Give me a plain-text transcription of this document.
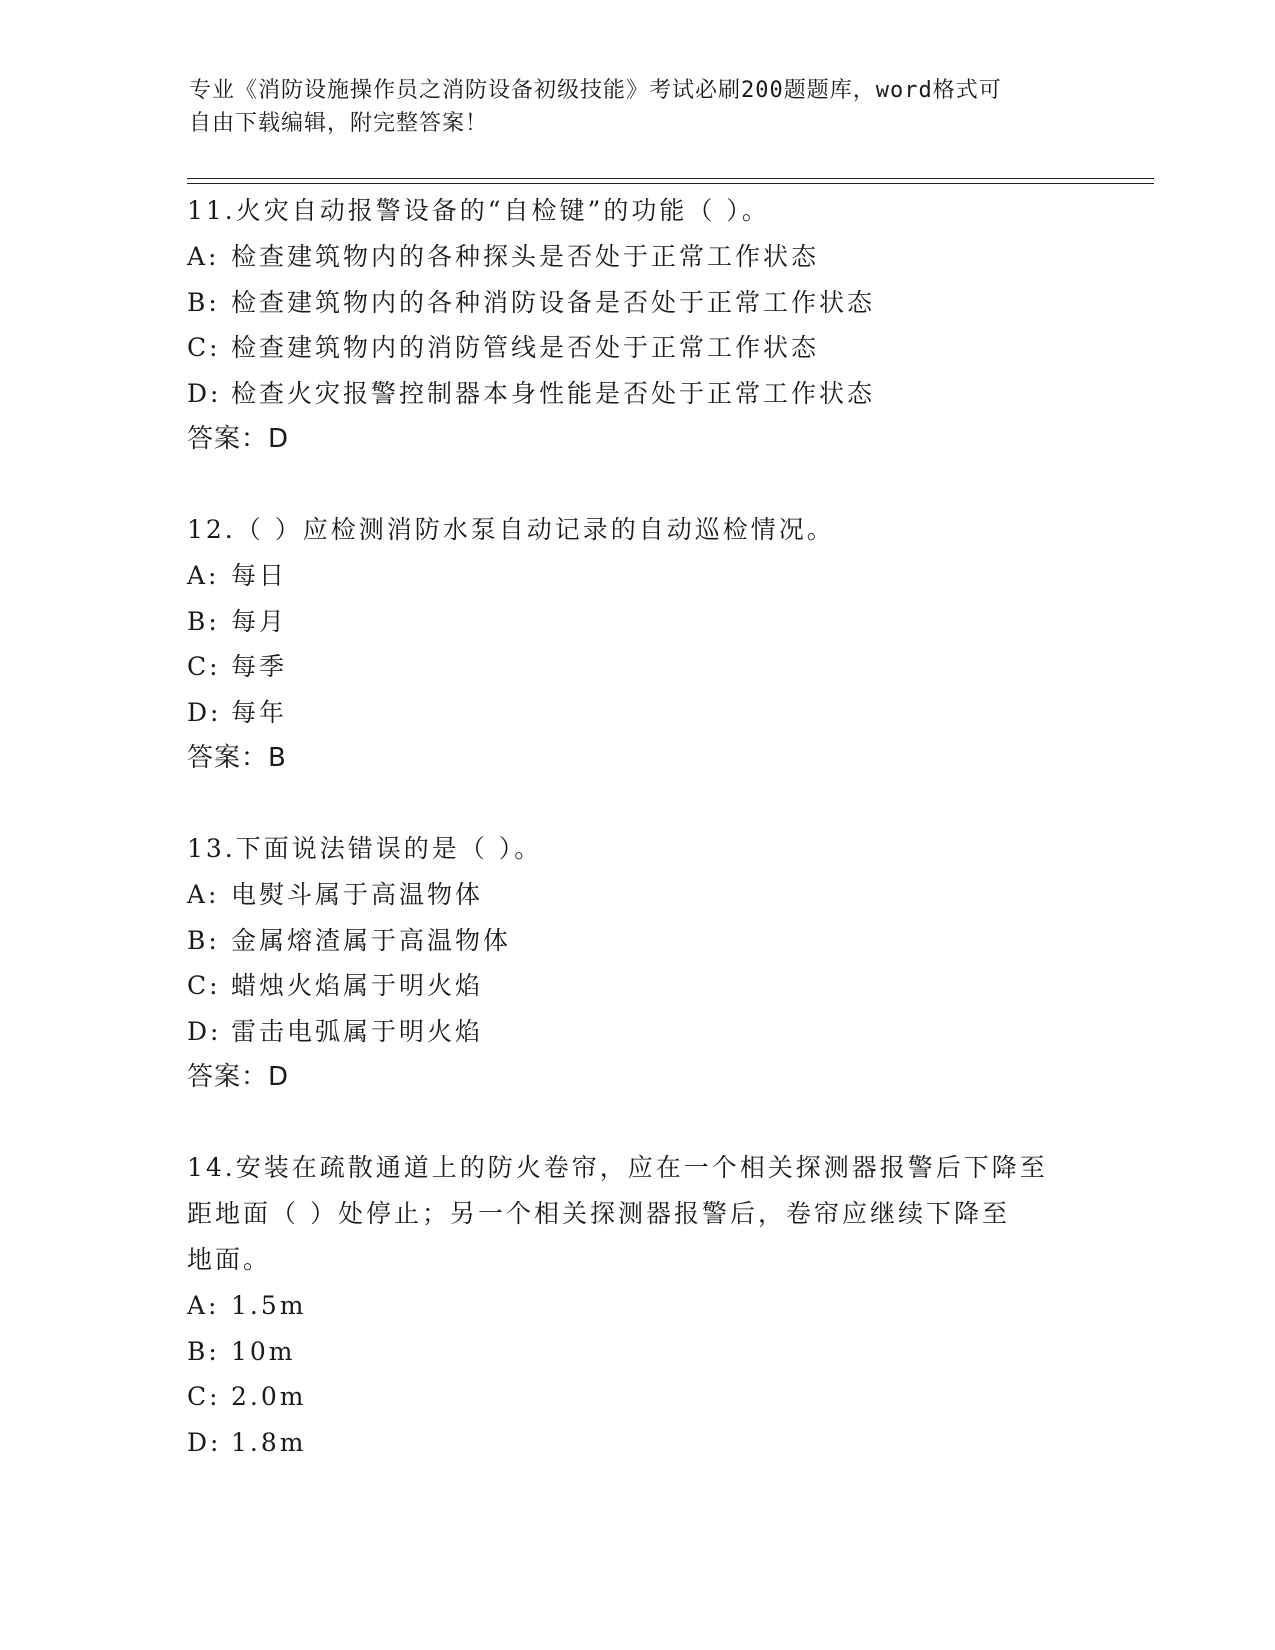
专业《消防设施操作员之消防设备初级技能》考试必刷200题题库，word格式可
自由下载编辑，附完整答案！
11.火灾自动报警设备的“自检键”的功能（ ）。
A: 检查建筑物内的各种探头是否处于正常工作状态
B: 检查建筑物内的各种消防设备是否处于正常工作状态
C: 检查建筑物内的消防管线是否处于正常工作状态
D: 检查火灾报警控制器本身性能是否处于正常工作状态
答案：D
12.（ ）应检测消防水泵自动记录的自动巡检情况。
A: 每日
B: 每月
C: 每季
D: 每年
答案：B
13.下面说法错误的是（ ）。
A: 电熨斗属于高温物体
B: 金属熔渣属于高温物体
C: 蜡烛火焰属于明火焰
D: 雷击电弧属于明火焰
答案：D
14.安装在疏散通道上的防火卷帘，应在一个相关探测器报警后下降至
距地面（ ）处停止；另一个相关探测器报警后，卷帘应继续下降至
地面。
A: 1.5m
B: 10m
C: 2.0m
D: 1.8m
